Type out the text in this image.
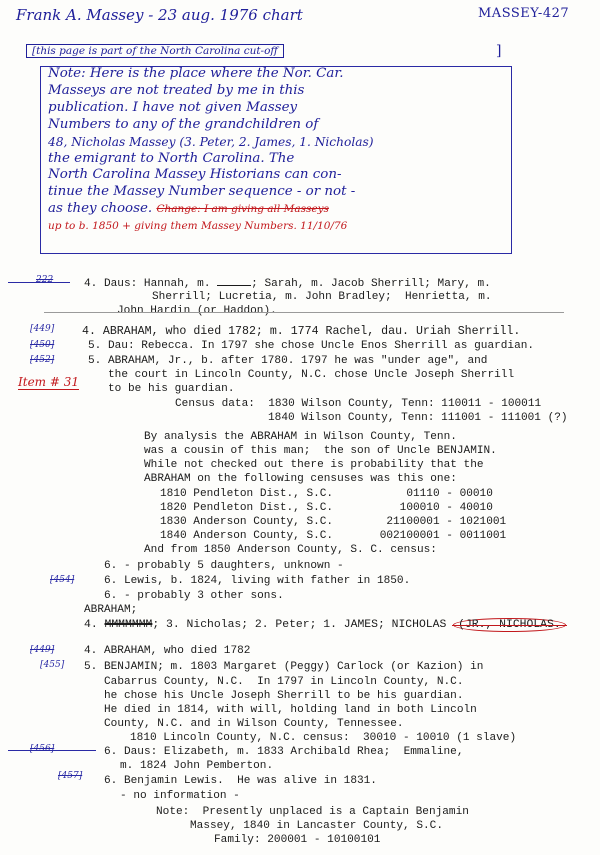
Frank A. Massey - 23 aug. 1976 chart	MASSEY-427
[this page is part of the North Carolina cut-off	]

Note: Here is the place where the Nor. Car.
Masseys are not treated by me in this
publication. I have not given Massey
Numbers to any of the grandchildren of
48, Nicholas Massey (3. Peter, 2. James, 1. Nicholas)
the emigrant to North Carolina. The
North Carolina Massey Historians can con-
tinue the Massey Number sequence - or not -
as they choose. Change: I am giving all Masseys
up to b. 1850 + giving them Massey Numbers. 11/10/76

222
[449]
[450]
[452]
Item # 31
[454]
[449]
[455]
[456]
[457]
4. Daus: Hannah, m.	; Sarah, m. Jacob Sherrill; Mary, m.
Sherrill; Lucretia, m. John Bradley;  Henrietta, m.
John Hardin (or Haddon).
4. ABRAHAM, who died 1782; m. 1774 Rachel, dau. Uriah Sherrill.
5. Dau: Rebecca. In 1797 she chose Uncle Enos Sherrill as guardian.
5. ABRAHAM, Jr., b. after 1780. 1797 he was "under age", and
the court in Lincoln County, N.C. chose Uncle Joseph Sherrill
to be his guardian.
Census data:  1830 Wilson County, Tenn: 110011 - 100011
1840 Wilson County, Tenn: 111001 - 111001 (?)
By analysis the ABRAHAM in Wilson County, Tenn.
was a cousin of this man;  the son of Uncle BENJAMIN.
While not checked out there is probability that the
ABRAHAM on the following censuses was this one:
1810 Pendleton Dist., S.C.           01110 - 00010
1820 Pendleton Dist., S.C.          100010 - 40010
1830 Anderson County, S.C.        21100001 - 1021001
1840 Anderson County, S.C.       002100001 - 0011001
And from 1850 Anderson County, S. C. census:
6. - probably 5 daughters, unknown -
6. Lewis, b. 1824, living with father in 1850.
6. - probably 3 other sons.
ABRAHAM;
4. MMMMMMM; 3. Nicholas; 2. Peter; 1. JAMES; NICHOLAS (JR., NICHOLAS.
4. ABRAHAM, who died 1782
5. BENJAMIN; m. 1803 Margaret (Peggy) Carlock (or Kazion) in
Cabarrus County, N.C.  In 1797 in Lincoln County, N.C.
he chose his Uncle Joseph Sherrill to be his guardian.
He died in 1814, with will, holding land in both Lincoln
County, N.C. and in Wilson County, Tennessee.
1810 Lincoln County, N.C. census:  30010 - 10010 (1 slave)
6. Daus: Elizabeth, m. 1833 Archibald Rhea;  Emmaline,
m. 1824 John Pemberton.
6. Benjamin Lewis.  He was alive in 1831.
- no information -
Note:  Presently unplaced is a Captain Benjamin
Massey, 1840 in Lancaster County, S.C.
Family: 200001 - 10100101
